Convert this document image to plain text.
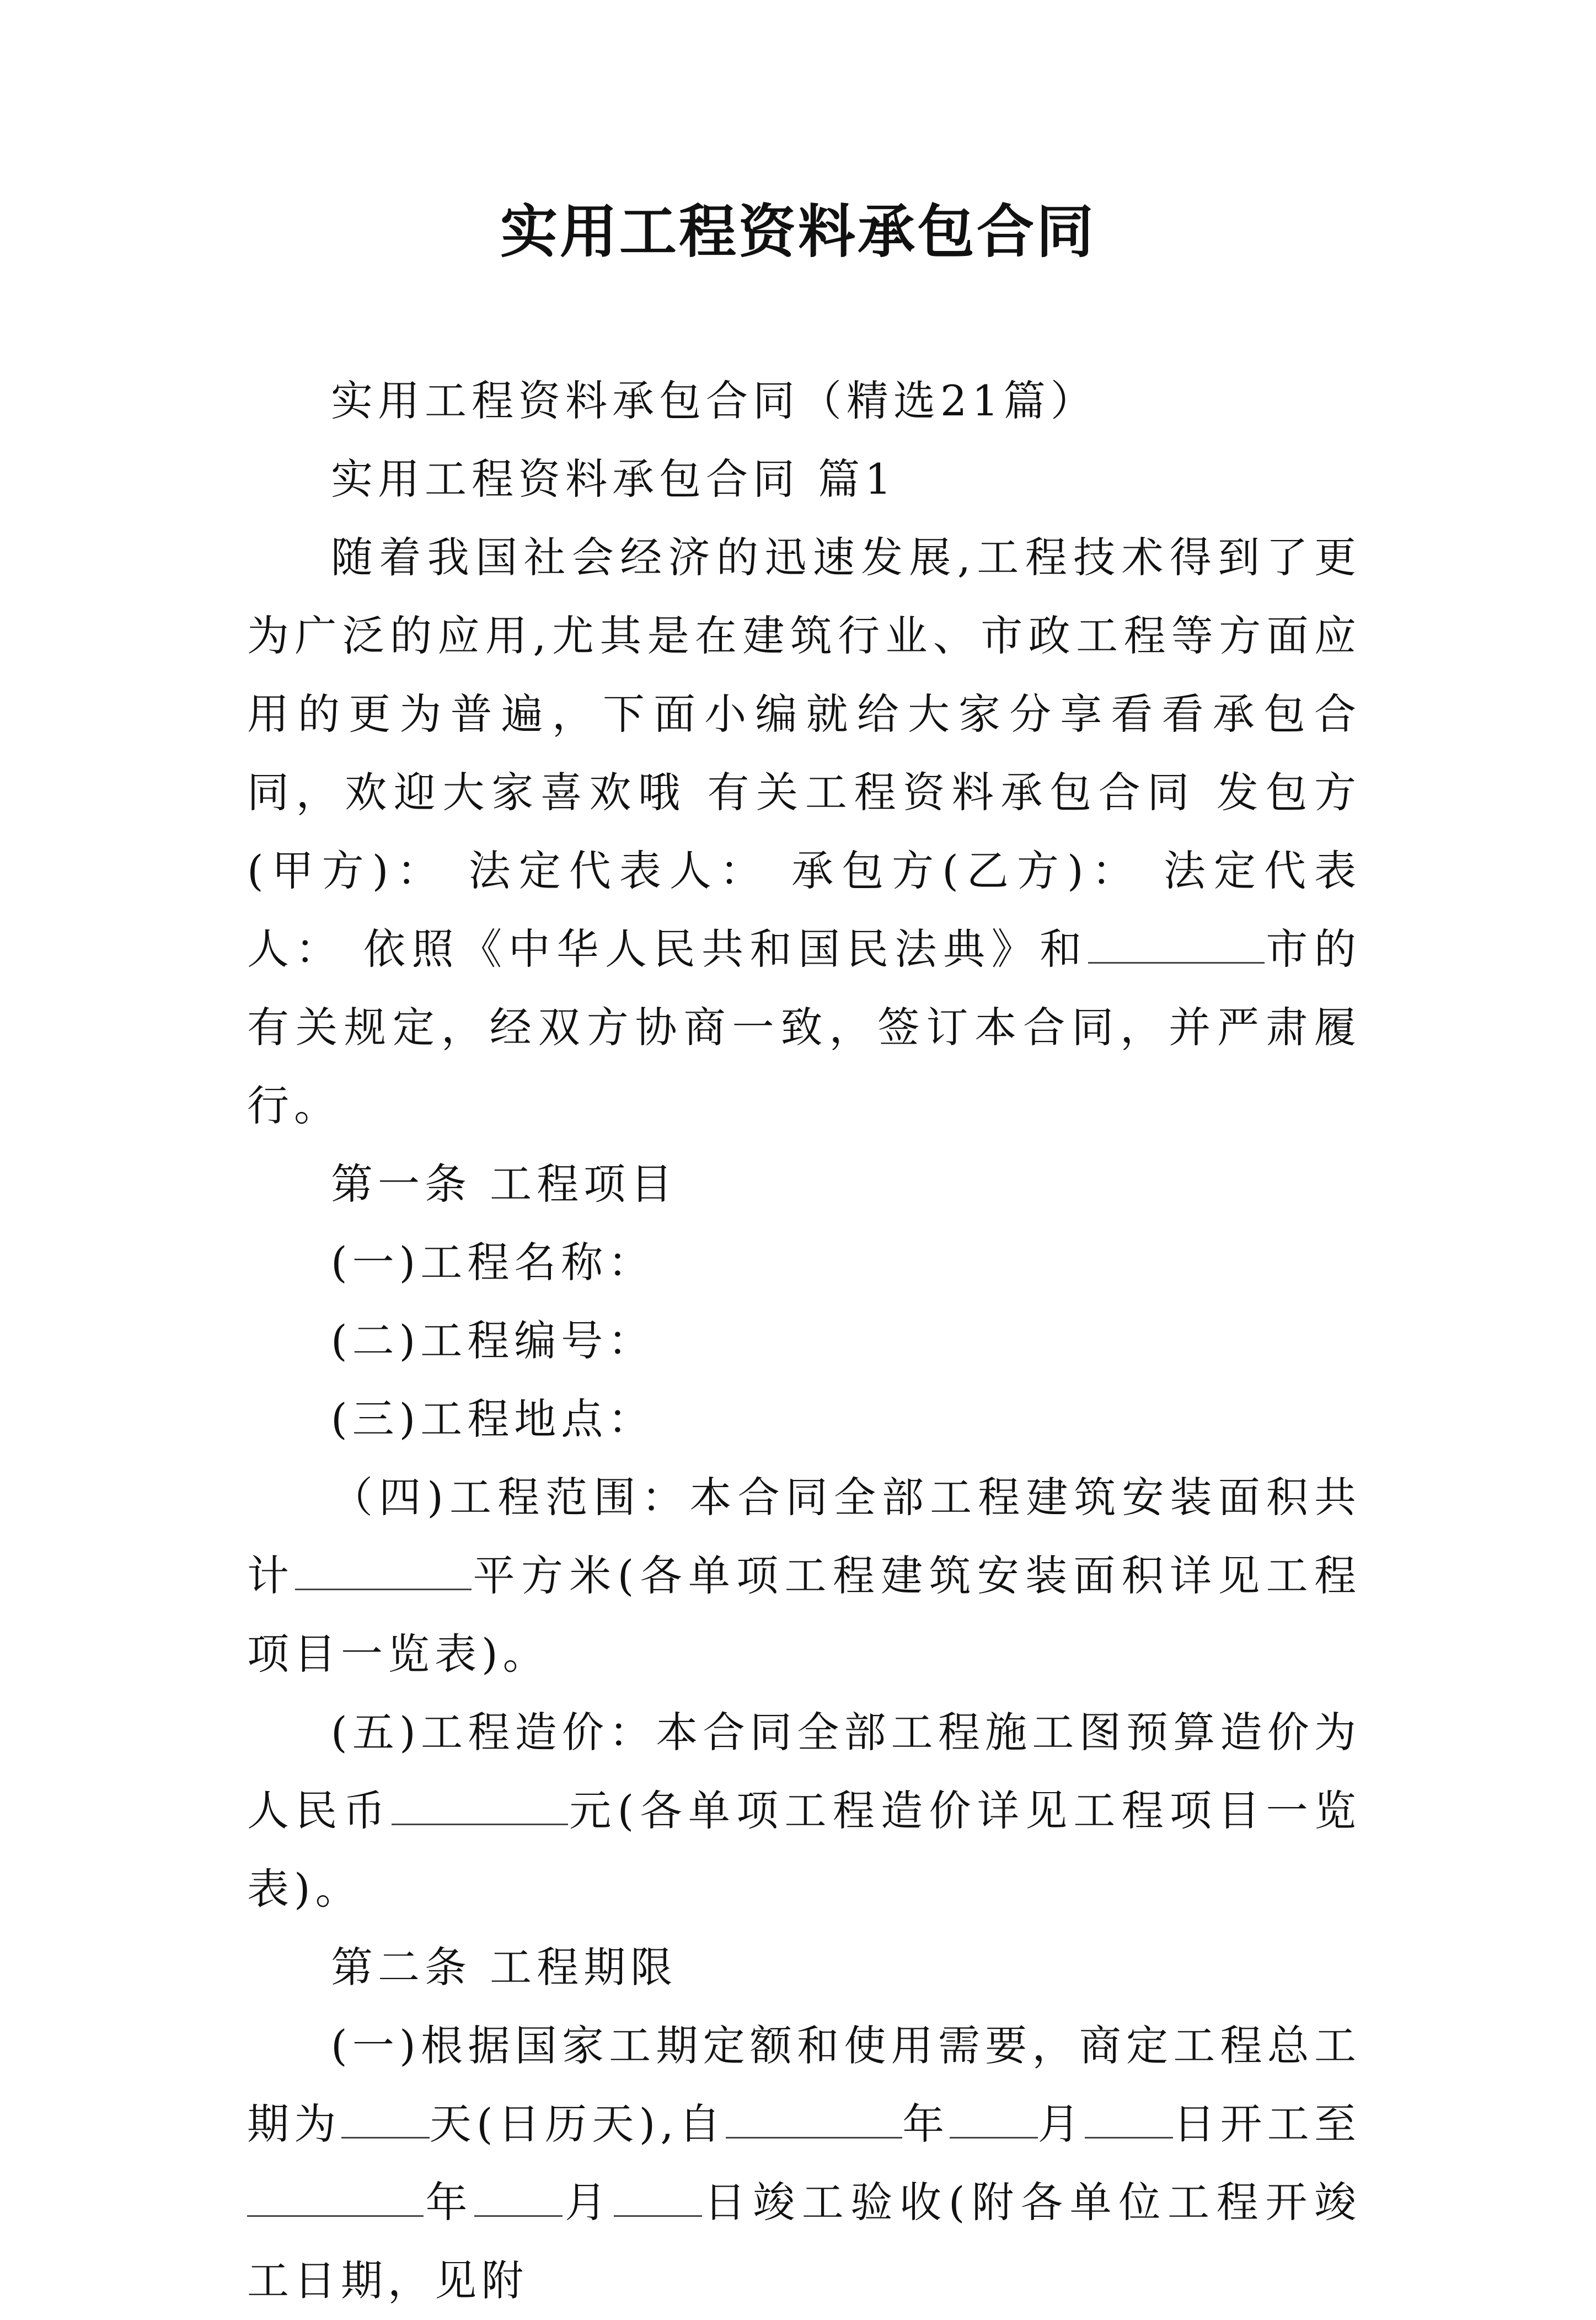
实用工程资料承包合同

实用工程资料承包合同（精选21篇）

实用工程资料承包合同 篇1

随着我国社会经济的迅速发展,工程技术得到了更为广泛的应用,尤其是在建筑行业、市政工程等方面应用的更为普遍，下面小编就给大家分享看看承包合同，欢迎大家喜欢哦 有关工程资料承包合同 发包方(甲方)： 法定代表人： 承包方(乙方)： 法定代表人： 依照《中华人民共和国民法典》和	市的有关规定，经双方协商一致，签订本合同，并严肃履行。

第一条 工程项目

(一)工程名称：

(二)工程编号：

(三)工程地点：

（四)工程范围：本合同全部工程建筑安装面积共计	平方米(各单项工程建筑安装面积详见工程项目一览表)。

(五)工程造价：本合同全部工程施工图预算造价为人民币	元(各单项工程造价详见工程项目一览表)。

第二条 工程期限

(一)根据国家工期定额和使用需要，商定工程总工期为 天(日历天),自	年 月 日开工至年 月 日竣工验收(附各单位工程开竣工日期，见附
